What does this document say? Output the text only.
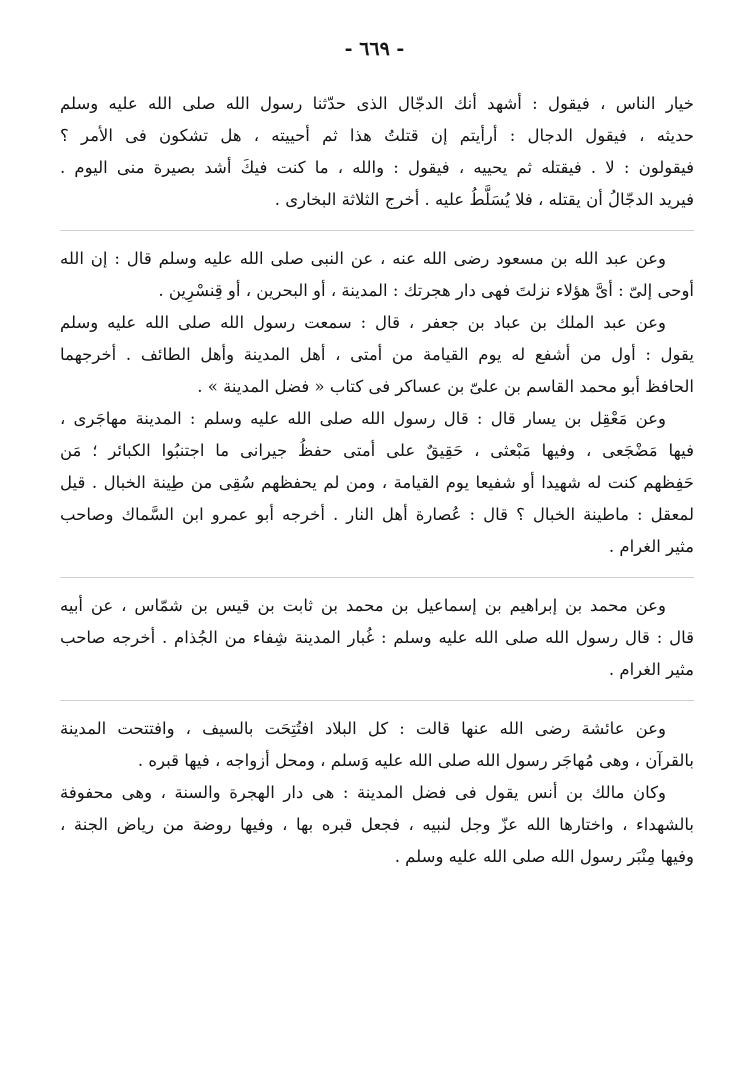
- ٦٦٩ -
خيار الناس ، فيقول : أشهد أنك الدجّال الذى حدّثنا رسول الله صلى الله عليه وسلم
حديثه ، فيقول الدجال : أرأيتم إن قتلتُ هذا ثم أحييته ، هل تشكون فى الأمر ؟
فيقولون : لا . فيقتله ثم يحييه ، فيقول : والله ، ما كنت فيكَ أشد بصيرة منى اليوم .
فيريد الدجّالُ أن يقتله ، فلا يُسَلَّطُ عليه . أخرج الثلاثة البخارى .
وعن عبد الله بن مسعود رضى الله عنه ، عن النبى صلى الله عليه وسلم قال : إن الله
أوحى إلىّ : أىَّ هؤلاء نزلتَ فهى دار هجرتك : المدينة ، أو البحرين ، أو قِنسْرِين .
وعن عبد الملك بن عباد بن جعفر ، قال : سمعت رسول الله صلى الله عليه وسلم
يقول : أول من أشفع له يوم القيامة من أمتى ، أهل المدينة وأهل الطائف . أخرجهما
الحافظ أبو محمد القاسم بن علىّ بن عساكر فى كتاب « فضل المدينة » .
وعن مَعْقِل بن يسار قال : قال رسول الله صلى الله عليه وسلم : المدينة مهاجَرى ،
فيها مَضْجَعى ، وفيها مَبْعثى ، حَقِيقٌ على أمتى حفظُ جيرانى ما اجتنبُوا الكبائر ؛ مَن
حَفِظهم كنت له شهيدا أو شفيعا يوم القيامة ، ومن لم يحفظهم سُقِى من طِينة الخبال . قيل
لمعقل : ماطينة الخبال ؟ قال : عُصارة أهل النار . أخرجه أبو عمرو ابن السَّماك وصاحب
مثير الغرام .
وعن محمد بن إبراهيم بن إسماعيل بن محمد بن ثابت بن قيس بن شمّاس ، عن أبيه
قال : قال رسول الله صلى الله عليه وسلم : غُبار المدينة شِفاء من الجُذام . أخرجه صاحب
مثير الغرام .
وعن عائشة رضى الله عنها قالت : كل البلاد افتُتِحَت بالسيف ، وافتتحت المدينة
بالقرآن ، وهى مُهاجَر رسول الله صلى الله عليه وَسلم ، ومحل أزواجه ، فيها قبره .
وكان مالك بن أنس يقول فى فضل المدينة : هى دار الهجرة والسنة ، وهى محفوفة
بالشهداء ، واختارها الله عزّ وجل لنبيه ، فجعل قبره بها ، وفيها روضة من رياض الجنة ،
وفيها مِنْبَر رسول الله صلى الله عليه وسلم .
